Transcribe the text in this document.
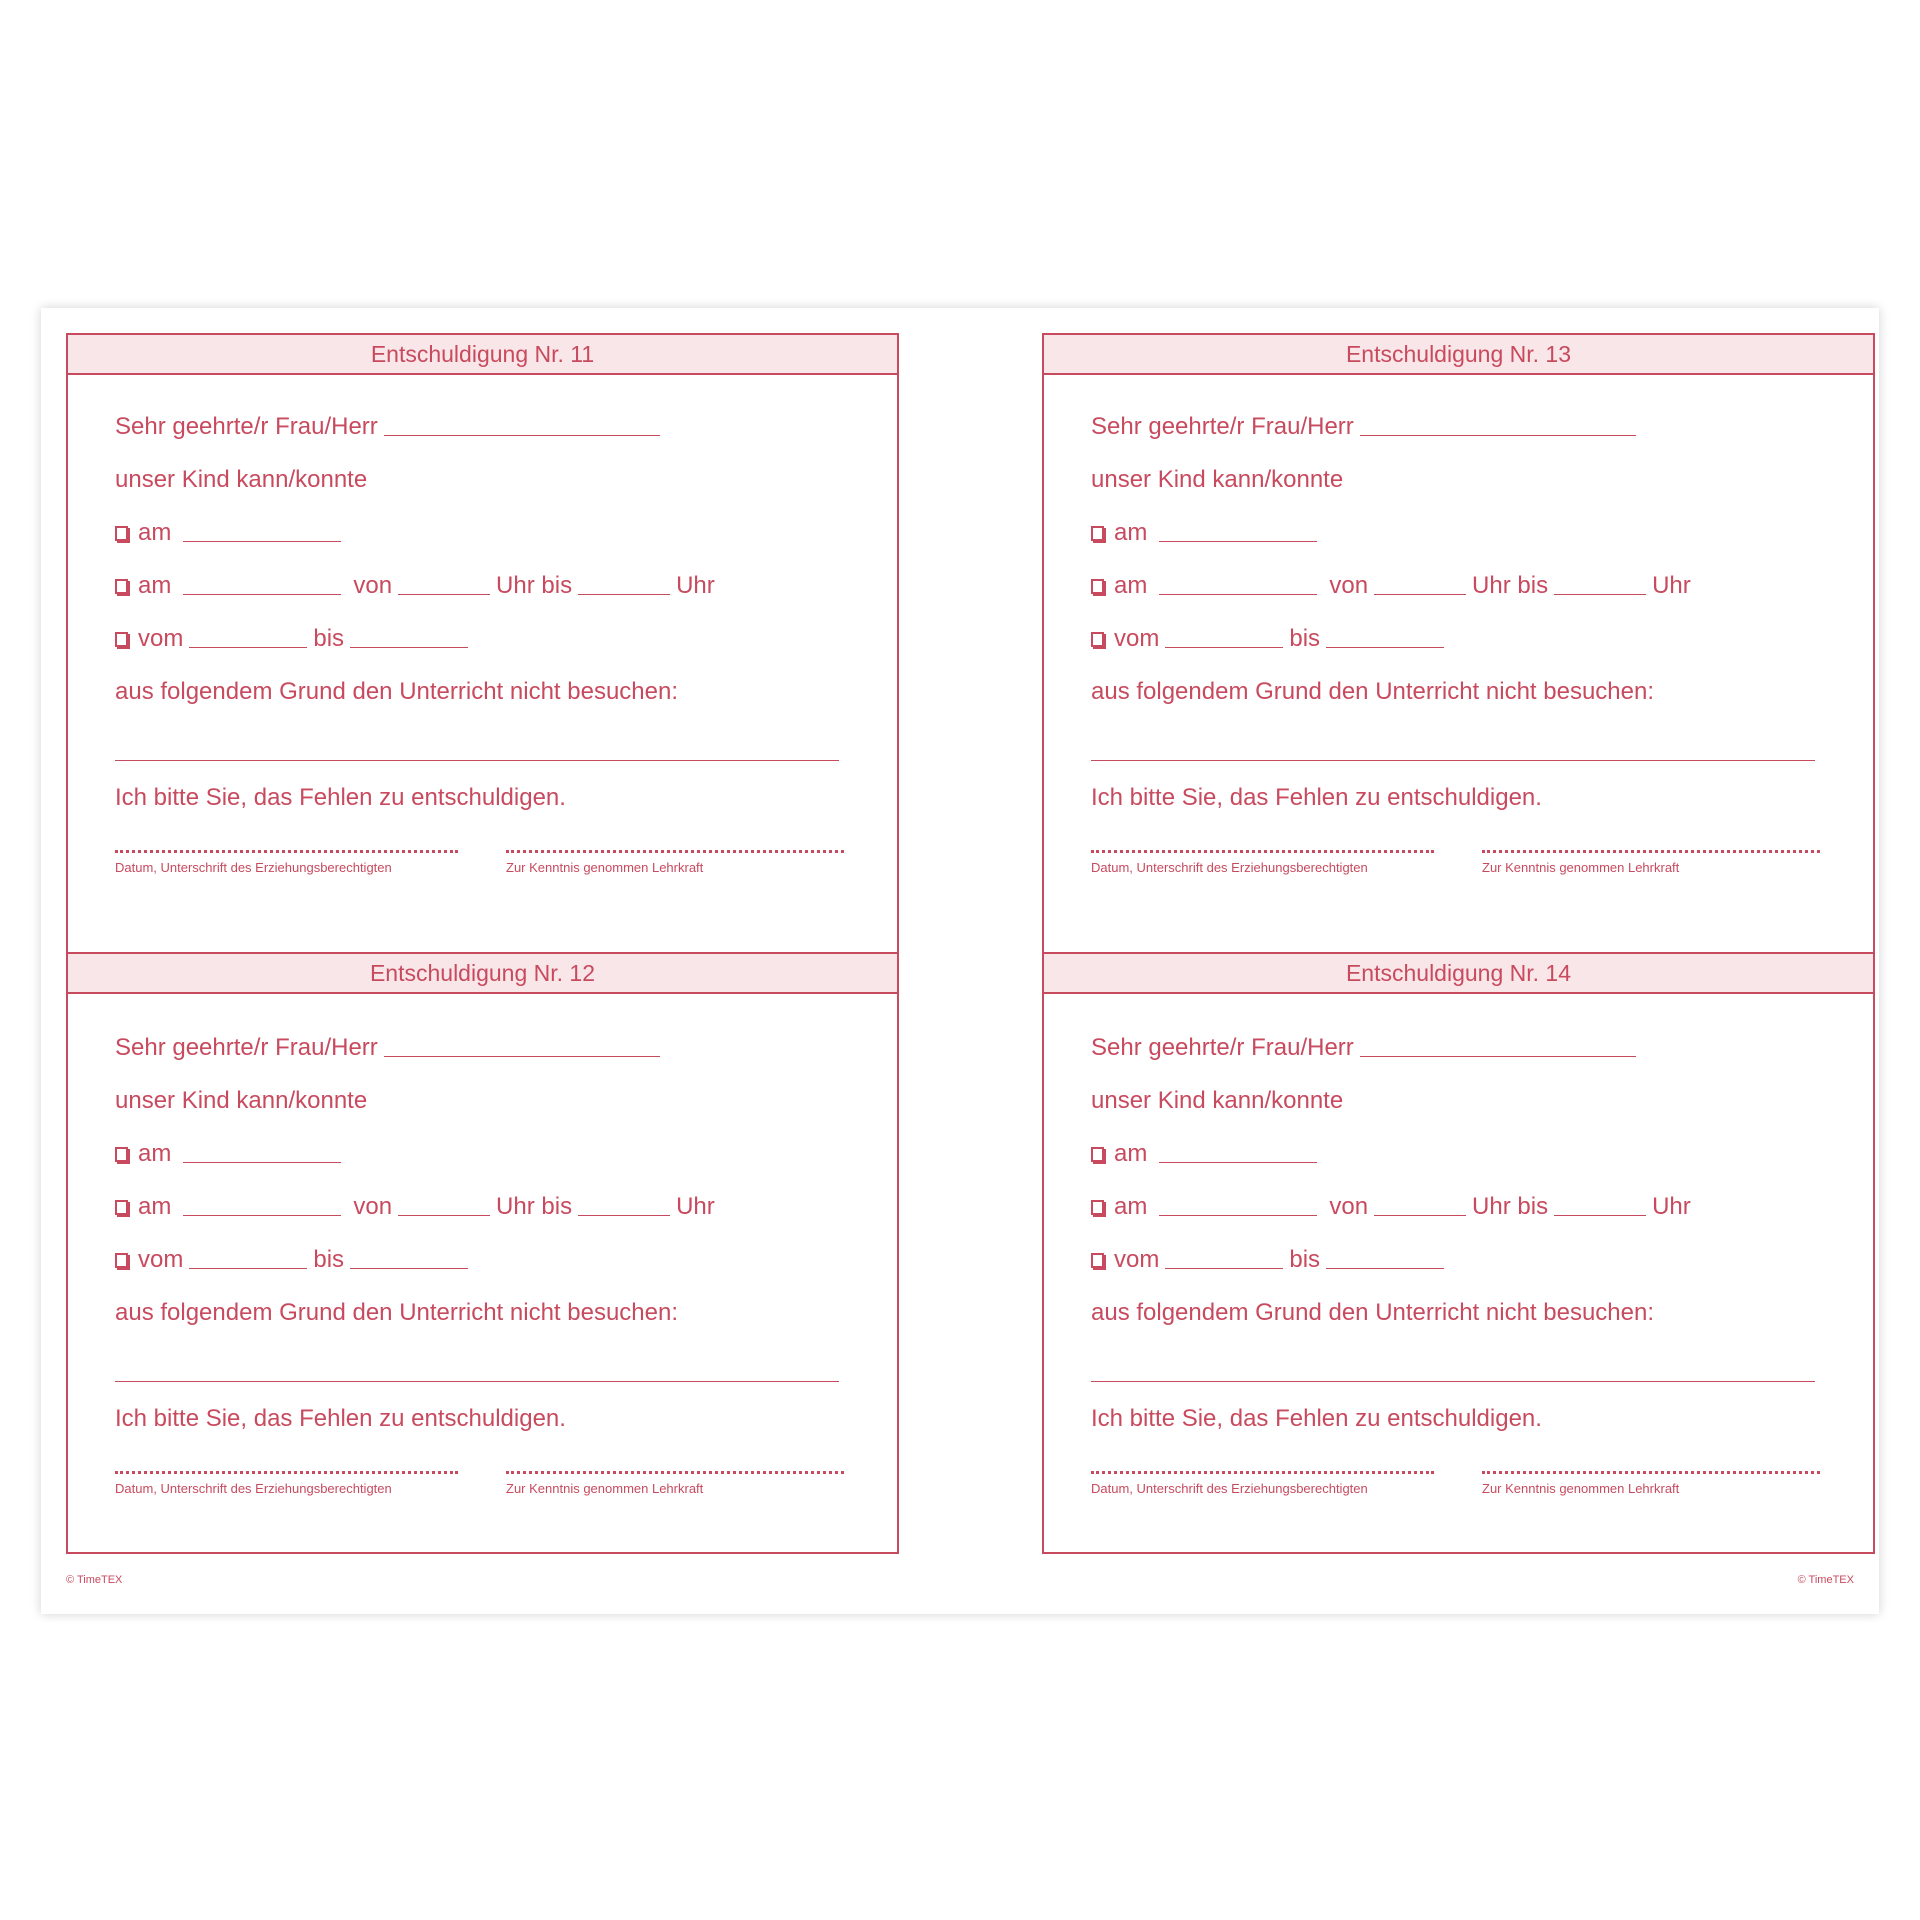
Entschuldigung Nr. 11
Sehr geehrte/r Frau/Herr
unser Kind kann/konnte
am
am	von	Uhr bis	Uhr
vom	bis
aus folgendem Grund den Unterricht nicht besuchen:
Ich bitte Sie, das Fehlen zu entschuldigen.
Datum, Unterschrift des Erziehungsberechtigten	Zur Kenntnis genommen Lehrkraft
Entschuldigung Nr. 13
Sehr geehrte/r Frau/Herr
unser Kind kann/konnte
am
am	von	Uhr bis	Uhr
vom	bis
aus folgendem Grund den Unterricht nicht besuchen:
Ich bitte Sie, das Fehlen zu entschuldigen.
Datum, Unterschrift des Erziehungsberechtigten	Zur Kenntnis genommen Lehrkraft
Entschuldigung Nr. 12
Sehr geehrte/r Frau/Herr
unser Kind kann/konnte
am
am	von	Uhr bis	Uhr
vom	bis
aus folgendem Grund den Unterricht nicht besuchen:
Ich bitte Sie, das Fehlen zu entschuldigen.
Datum, Unterschrift des Erziehungsberechtigten	Zur Kenntnis genommen Lehrkraft
Entschuldigung Nr. 14
Sehr geehrte/r Frau/Herr
unser Kind kann/konnte
am
am	von	Uhr bis	Uhr
vom	bis
aus folgendem Grund den Unterricht nicht besuchen:
Ich bitte Sie, das Fehlen zu entschuldigen.
Datum, Unterschrift des Erziehungsberechtigten	Zur Kenntnis genommen Lehrkraft
© TimeTEX	© TimeTEX
